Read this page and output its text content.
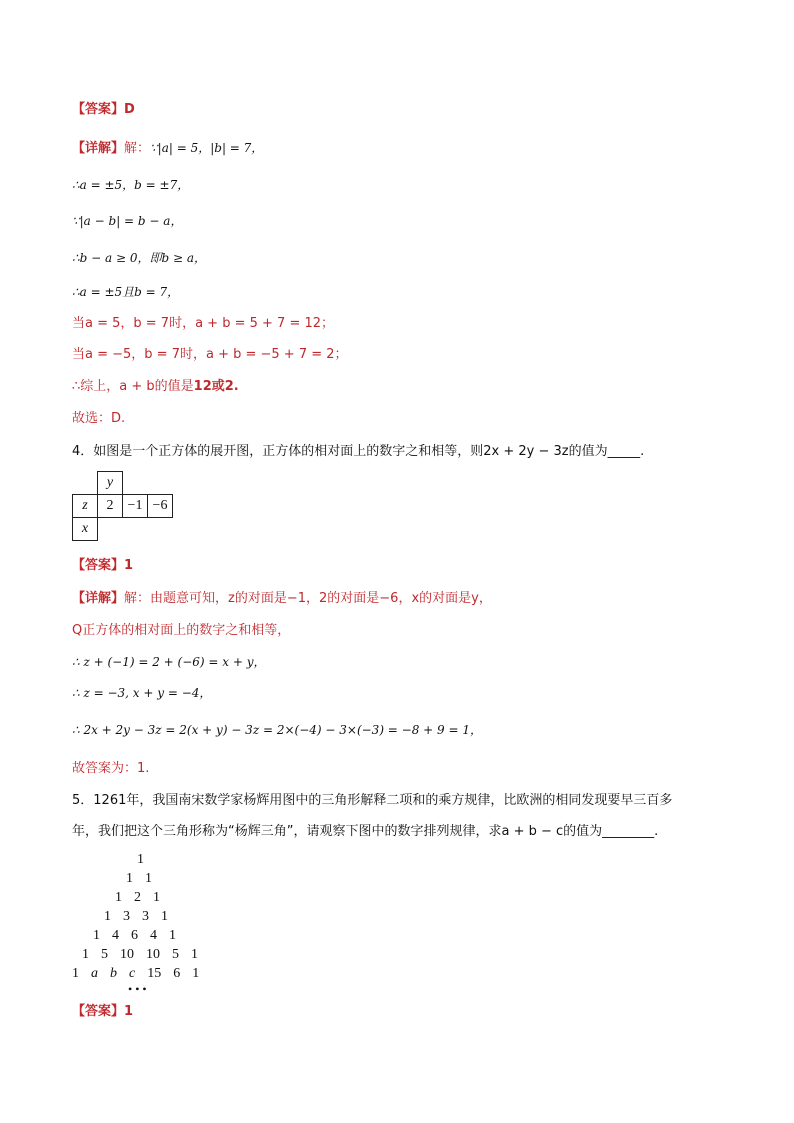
【答案】D
【详解】解：∵|a| = 5，|b| = 7，
∴a = ±5，b = ±7，
∵|a − b| = b − a，
∴b − a ≥ 0，即b ≥ a，
∴a = ±5且b = 7，
当a = 5，b = 7时，a + b = 5 + 7 = 12；
当a = −5，b = 7时，a + b = −5 + 7 = 2；
∴综上，a + b的值是12或2.
故选：D.
4．如图是一个正方体的展开图，正方体的相对面上的数字之和相等，则2x + 2y − 3z的值为_____.
	y		
z	2	−1	−6
x			
【答案】1
【详解】解：由题意可知，z的对面是−1，2的对面是−6，x的对面是y，
Q正方体的相对面上的数字之和相等，
∴ z + (−1) = 2 + (−6) = x + y，
∴ z = −3, x + y = −4，
∴ 2x + 2y − 3z = 2(x + y) − 3z = 2×(−4) − 3×(−3) = −8 + 9 = 1，
故答案为：1.
5．1261年，我国南宋数学家杨辉用图中的三角形解释二项和的乘方规律，比欧洲的相同发现要早三百多
年，我们把这个三角形称为“杨辉三角”，请观察下图中的数字排列规律，求a + b − c的值为________.
1
1 1
1 2 1
1 3 3 1
1 4 6 4 1
1 5 10 10 5 1
1 a b c 15 6 1
• • •
【答案】1
